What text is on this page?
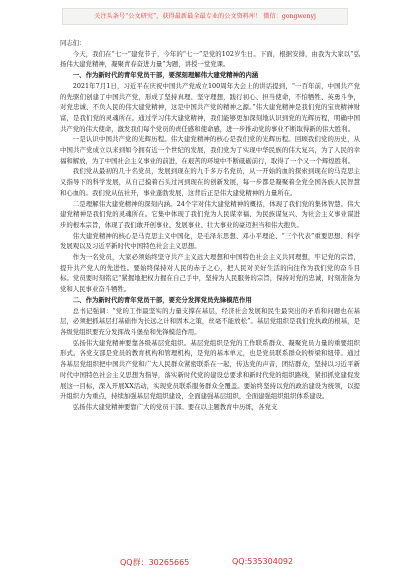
关注头条号“公文研究”，获得最新最全最专业的公文资料库！ 微信：gongwenyj

同志们：

今天，我们在“七一”建党节子，今年的“七一”是党的102岁生日。下面，根据安排，由我为大家以“弘扬伟大建党精神，凝聚青春奋进力量”为题，讲授一堂党课。

一、作为新时代的青年党员干部，要深刻理解伟大建党精神的内涵

2021年7月1日，习近平在庆祝中国共产党成立100周年大会上的讲话提到，“一百年前，中国共产党的先驱们创建了中国共产党，形成了坚持真理、坚守理想，践行初心、担当使命，不怕牺牲、英勇斗争，对党忠诚、不负人民的伟大建党精神，这是中国共产党的精神之源。”伟大建党精神是我们党的宝贵精神财富，是我们党的灵魂所在。通过学习伟大建党精神，我们能够更加深刻地认识到党的光辉历程，明确中国共产党的伟大使命，激发我们每个党员的责任感和使命感，进一步推动党的事业不断取得新的伟大胜利。

一是认识中国共产党的光辉历程。伟大建党精神的核心是我们党的光辉历程。回顾我们党的历史，从中国共产党成立以来到如今拥有近一个世纪的发展，我们党为了实现中华民族的伟大复兴，为了人民的幸福和解放，为了中国社会主义事业的前进，在艰苦的环境中不断砥砺前行，取得了一个又一个辉煌胜利。

我们党从最初的几十名党员，发展到现在的九千多万名党员，从一开始的血的探索到现在的马克思主义指导下的科学发展，从自己摸着石头过河到现在的创新发展，每一步都是凝聚着全党全国各族人民智慧和心血的。我们党从伍社开，事业蓬勃发展，这背后正是伟大建党精神的力量所在。

二是理解伟大建党精神的深刻内涵。24个字对伟大建党精神的概括，体现了我们党的集体智慧。伟大建党精神是我们党的灵魂所在。它集中体现了我们党为人民谋幸福、为民族谋复兴、为社会主义事业谋进步的根本宗旨，体现了我们敢开创事业、发展事业、壮大事业的豪迈担当和伟大抱负。

伟大建党精神的核心是马克思主义中国化，是毛泽东思想、邓小平理论、“三个代表”重要思想、科学发展观以及习近平新时代中国特色社会主义思想。

作为一名党员，大家必须始终坚守共产主义远大理想和中国特色社会主义共同理想，牢记党的宗旨，提升共产党人的先进性。要始终保持对人民的赤子之心，把人民对美好生活的向往作为我们党的奋斗目标。党员要时刻铭记“紧握地把权力握在自己手中，坚持为人民服务的宗旨，保持对党的忠诚，时刻准备为党和人民事业奋斗牺牲。

二、作为新时代的青年党员干部，要充分发挥党员先锋模范作用

总书记强调：“党的工作最坚实的力量支撑在基层，经济社会发展和民生最突出的矛盾和问题也在基层，必须把抓基层打基础作为长远之计和固本之策，丝毫不能放松”。基层党组织是我们党执政的根基，是各级党组织要充分发挥战斗堡垒和先锋模范作用。

弘扬伟大建党精神要靠各级基层党组织。基层党组织是党的工作联系群众、凝聚党员力量的重要组织形式。各党支部是党员的教育机构和管理机构，是党的基本单元，也是党员联系群众的桥梁和纽带。通过各基层党组织把中国共产党和广大人民群众紧密联系在一起，传达党的声音，团结群众，坚持以习近平新时代中国特色社会主义思想为指导，落实新时代党的建设总要求和新时代党的组织路线，紧扣抓党建促发展这一目标，深入开展XX活动，实现党员联系服务群众全覆盖。要始终坚持以党的政治建设为统领，以提升组织力为重点，持续加强基层党组织建设，全面建强基层组织，全面建强组织组织体系建设。

弘扬伟大建党精神要靠广大的党员干部。要在以主题教育中历练，各党支

QQ群：30265665	QQ:535304092
